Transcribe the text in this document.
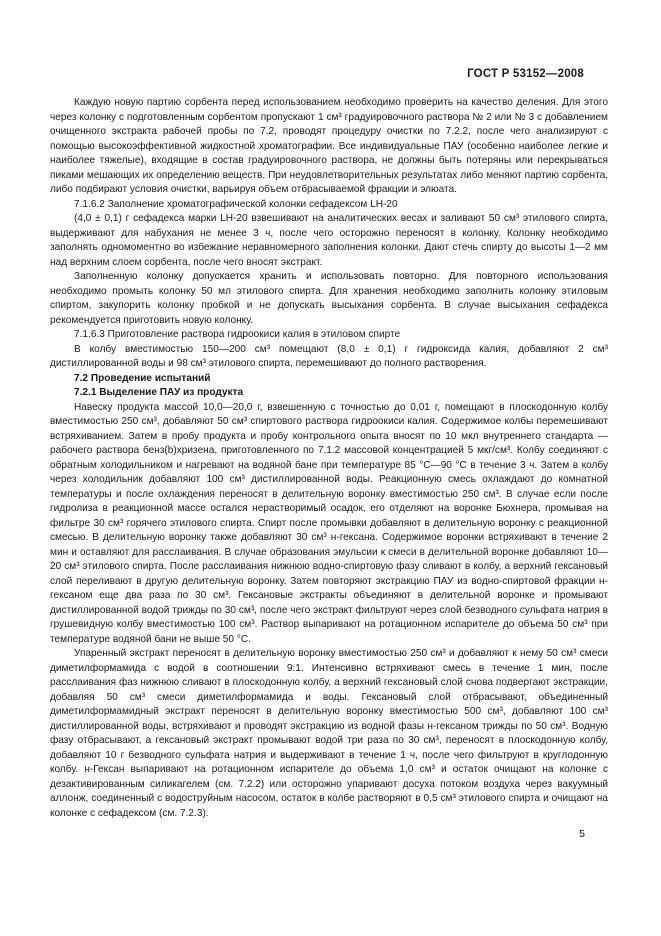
ГОСТ Р 53152—2008

Каждую новую партию сорбента перед использованием необходимо проверить на качество деления. Для этого через колонку с подготовленным сорбентом пропускают 1 см³ градуировочного раствора № 2 или № 3 с добавлением очищенного экстракта рабочей пробы по 7.2, проводят процедуру очистки по 7.2.2, после чего анализируют с помощью высокоэффективной жидкостной хроматографии. Все индивидуальные ПАУ (особенно наиболее легкие и наиболее тяжелые), входящие в состав градуировочного раствора, не должны быть потеряны или перекрываться пиками мешающих их определению веществ. При неудовлетворительных результатах либо меняют партию сорбента, либо подбирают условия очистки, варьируя объем отбрасываемой фракции и элюата.

7.1.6.2 Заполнение хроматографической колонки сефадексом LH-20

(4,0 ± 0,1) г сефадекса марки LH-20 взвешивают на аналитических весах и заливают 50 см³ этилового спирта, выдерживают для набухания не менее 3 ч, после чего осторожно переносят в колонку. Колонку необходимо заполнять одномоментно во избежание неравномерного заполнения колонки. Дают стечь спирту до высоты 1—2 мм над верхним слоем сорбента, после чего вносят экстракт.

Заполненную колонку допускается хранить и использовать повторно. Для повторного использования необходимо промыть колонку 50 мл этилового спирта. Для хранения необходимо заполнить колонку этиловым спиртом, закупорить колонку пробкой и не допускать высыхания сорбента. В случае высыхания сефадекса рекомендуется приготовить новую колонку.

7.1.6.3 Приготовление раствора гидроокиси калия в этиловом спирте

В колбу вместимостью 150—200 см³ помещают (8,0 ± 0,1) г гидроксида калия, добавляют 2 см³ дистиллированной воды и 98 см³ этилового спирта, перемешивают до полного растворения.

7.2 Проведение испытаний

7.2.1 Выделение ПАУ из продукта

Навеску продукта массой 10,0—20,0 г, взвешенную с точностью до 0,01 г, помещают в плоскодонную колбу вместимостью 250 см³, добавляют 50 см³ спиртового раствора гидроокиси калия. Содержимое колбы перемешивают встряхиванием. Затем в пробу продукта и пробу контрольного опыта вносят по 10 мкл внутреннего стандарта — рабочего раствора бенз(b)хризена, приготовленного по 7.1.2 массовой концентрацией 5 мкг/см³. Колбу соединяют с обратным холодильником и нагревают на водяной бане при температуре 85 °С—90 °С в течение 3 ч. Затем в колбу через холодильник добавляют 100 см³ дистиллированной воды. Реакционную смесь охлаждают до комнатной температуры и после охлаждения переносят в делительную воронку вместимостью 250 см³. В случае если после гидролиза в реакционной массе остался нерастворимый осадок, его отделяют на воронке Бюхнера, промывая на фильтре 30 см³ горячего этилового спирта. Спирт после промывки добавляют в делительную воронку с реакционной смесью. В делительную воронку также добавляют 30 см³ н-гексана. Содержимое воронки встряхивают в течение 2 мин и оставляют для расслаивания. В случае образования эмульсии к смеси в делительной воронке добавляют 10—20 см³ этилового спирта. После расслаивания нижнюю водно-спиртовую фазу сливают в колбу, а верхний гексановый слой переливают в другую делительную воронку. Затем повторяют экстракцию ПАУ из водно-спиртовой фракции н-гексаном еще два раза по 30 см³. Гексановые экстракты объединяют в делительной воронке и промывают дистиллированной водой трижды по 30 см³, после чего экстракт фильтруют через слой безводного сульфата натрия в грушевидную колбу вместимостью 100 см³. Раствор выпаривают на ротационном испарителе до объема 50 см³ при температуре водяной бани не выше 50 °С.

Упаренный экстракт переносят в делительную воронку вместимостью 250 см³ и добавляют к нему 50 см³ смеси диметилформамида с водой в соотношении 9:1. Интенсивно встряхивают смесь в течение 1 мин, после расслаивания фаз нижнюю сливают в плоскодонную колбу, а верхний гексановый слой снова подвергают экстракции, добавляя 50 см³ смеси диметилформамида и воды. Гексановый слой отбрасывают, объединенный диметилформамидный экстракт переносят в делительную воронку вместимостью 500 см³, добавляют 100 см³ дистиллированной воды, встряхивают и проводят экстракцию из водной фазы н-гексаном трижды по 50 см³. Водную фазу отбрасывают, а гексановый экстракт промывают водой три раза по 30 см³, переносят в плоскодонную колбу, добавляют 10 г безводного сульфата натрия и выдерживают в течение 1 ч, после чего фильтруют в круглодонную колбу. н-Гексан выпаривают на ротационном испарителе до объема 1,0 см³ и остаток очищают на колонке с дезактивированным силикагелем (см. 7.2.2) или осторожно упаривают досуха потоком воздуха через вакуумный аллонж, соединенный с водоструйным насосом, остаток в колбе растворяют в 0,5 см³ этилового спирта и очищают на колонке с сефадексом (см. 7.2.3).

5
